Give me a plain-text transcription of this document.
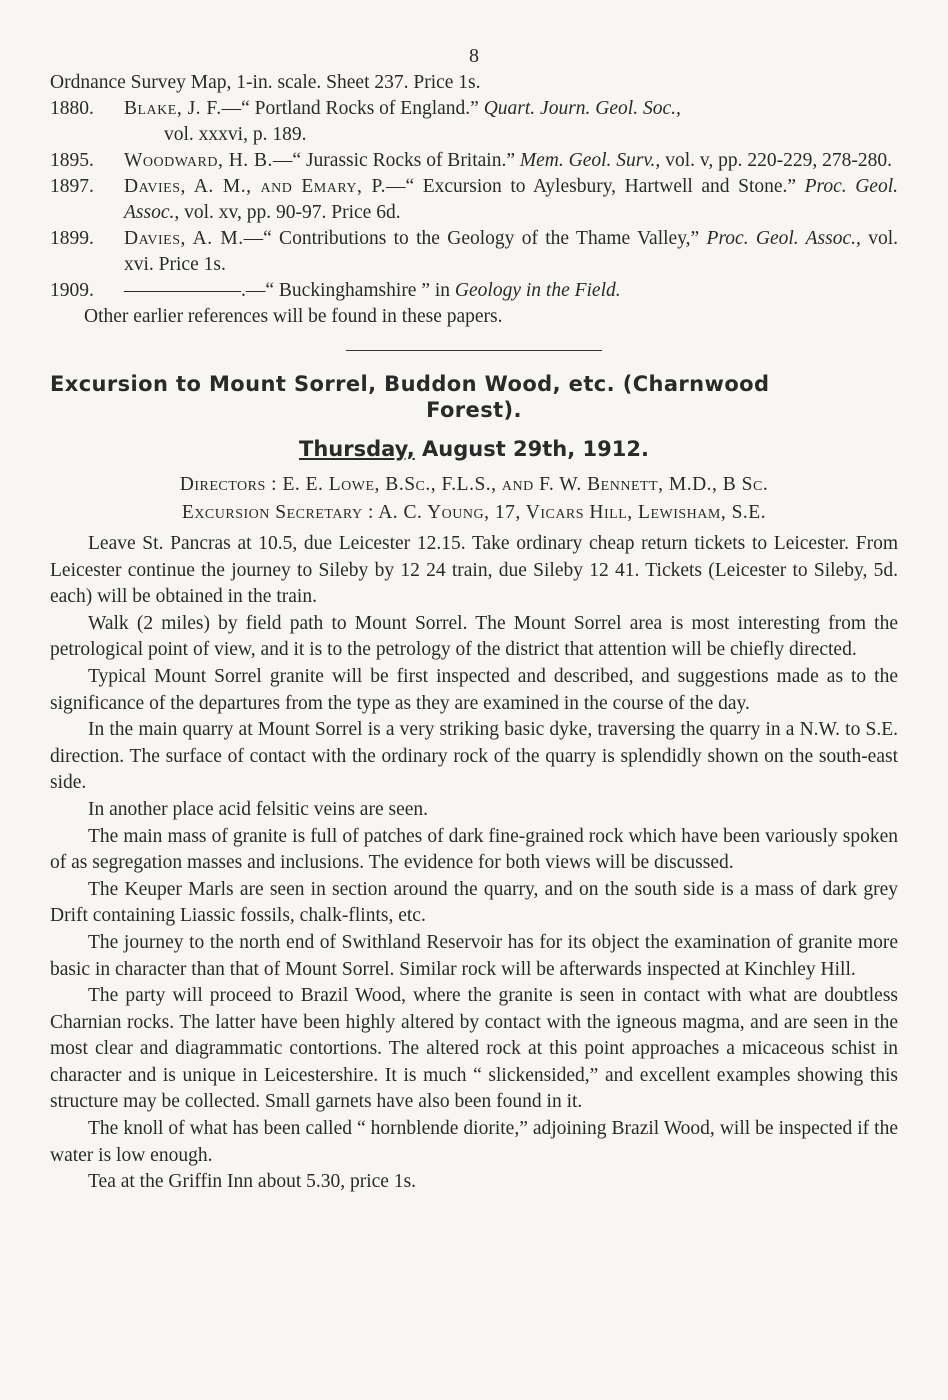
8

Ordnance Survey Map, 1-in. scale. Sheet 237. Price 1s.

1880.	Blake, J. F.—“ Portland Rocks of England.” Quart. Journ. Geol. Soc.,
vol. xxxvi, p. 189.
1895.	Woodward, H. B.—“ Jurassic Rocks of Britain.” Mem. Geol. Surv., vol. v, pp. 220-229, 278-280.
1897.	Davies, A. M., and Emary, P.—“ Excursion to Aylesbury, Hartwell and Stone.” Proc. Geol. Assoc., vol. xv, pp. 90-97. Price 6d.
1899.	Davies, A. M.—“ Contributions to the Geology of the Thame Valley,” Proc. Geol. Assoc., vol. xvi. Price 1s.
1909.	——————.—“ Buckinghamshire ” in Geology in the Field.

Other earlier references will be found in these papers.

Excursion to Mount Sorrel, Buddon Wood, etc. (Charnwood
Forest).
Thursday, August 29th, 1912.

Directors : E. E. Lowe, B.Sc., F.L.S., and F. W. Bennett, M.D., B Sc.

Excursion Secretary : A. C. Young, 17, Vicars Hill, Lewisham, S.E.

Leave St. Pancras at 10.5, due Leicester 12.15. Take ordinary cheap return tickets to Leicester. From Leicester continue the journey to Sileby by 12 24 train, due Sileby 12 41. Tickets (Leicester to Sileby, 5d. each) will be obtained in the train.

Walk (2 miles) by field path to Mount Sorrel. The Mount Sorrel area is most interesting from the petrological point of view, and it is to the petrology of the district that attention will be chiefly directed.

Typical Mount Sorrel granite will be first inspected and described, and suggestions made as to the significance of the departures from the type as they are examined in the course of the day.

In the main quarry at Mount Sorrel is a very striking basic dyke, traversing the quarry in a N.W. to S.E. direction. The surface of contact with the ordinary rock of the quarry is splendidly shown on the south-east side.

In another place acid felsitic veins are seen.

The main mass of granite is full of patches of dark fine-grained rock which have been variously spoken of as segregation masses and inclusions. The evidence for both views will be discussed.

The Keuper Marls are seen in section around the quarry, and on the south side is a mass of dark grey Drift containing Liassic fossils, chalk-flints, etc.

The journey to the north end of Swithland Reservoir has for its object the examination of granite more basic in character than that of Mount Sorrel. Similar rock will be afterwards inspected at Kinchley Hill.

The party will proceed to Brazil Wood, where the granite is seen in contact with what are doubtless Charnian rocks. The latter have been highly altered by contact with the igneous magma, and are seen in the most clear and diagrammatic contortions. The altered rock at this point approaches a micaceous schist in character and is unique in Leicestershire. It is much “ slickensided,” and excellent examples showing this structure may be collected. Small garnets have also been found in it.

The knoll of what has been called “ hornblende diorite,” adjoining Brazil Wood, will be inspected if the water is low enough.

Tea at the Griffin Inn about 5.30, price 1s.
